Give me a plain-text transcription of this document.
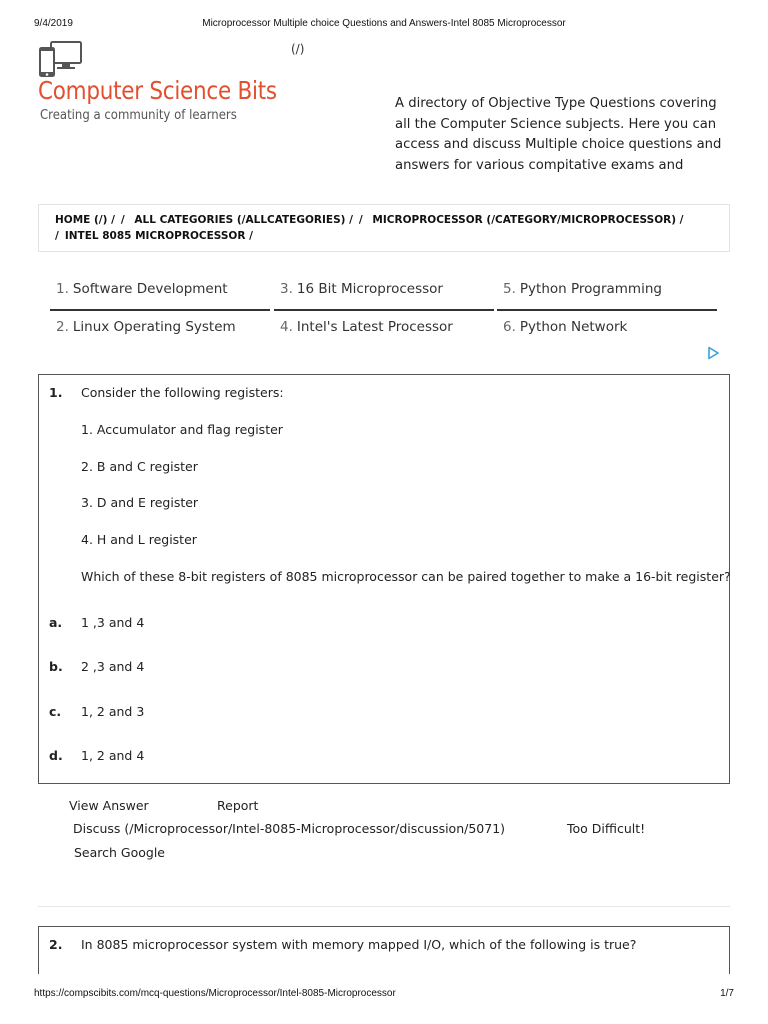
9/4/2019	Microprocessor Multiple choice Questions and Answers-Intel 8085 Microprocessor
Computer Science Bits
Creating a community of learners
(/)
A directory of Objective Type Questions covering all the Computer Science subjects. Here you can access and discuss Multiple choice questions and answers for various compitative exams and
HOME (/) / / ALL CATEGORIES (/ALLCATEGORIES) / / MICROPROCESSOR (/CATEGORY/MICROPROCESSOR) /
/ INTEL 8085 MICROPROCESSOR /
1. Software Development
2. Linux Operating System
3. 16 Bit Microprocessor
4. Intel's Latest Processor
5. Python Programming
6. Python Network
1. Consider the following registers:
1. Accumulator and flag register
2. B and C register
3. D and E register
4. H and L register
Which of these 8-bit registers of 8085 microprocessor can be paired together to make a 16-bit register?
a. 1 ,3 and 4
b. 2 ,3 and 4
c. 1, 2 and 3
d. 1, 2 and 4
View Answer	Report
Discuss (/Microprocessor/Intel-8085-Microprocessor/discussion/5071)	Too Difficult!
Search Google
2. In 8085 microprocessor system with memory mapped I/O, which of the following is true?
https://compscibits.com/mcq-questions/Microprocessor/Intel-8085-Microprocessor	1/7
